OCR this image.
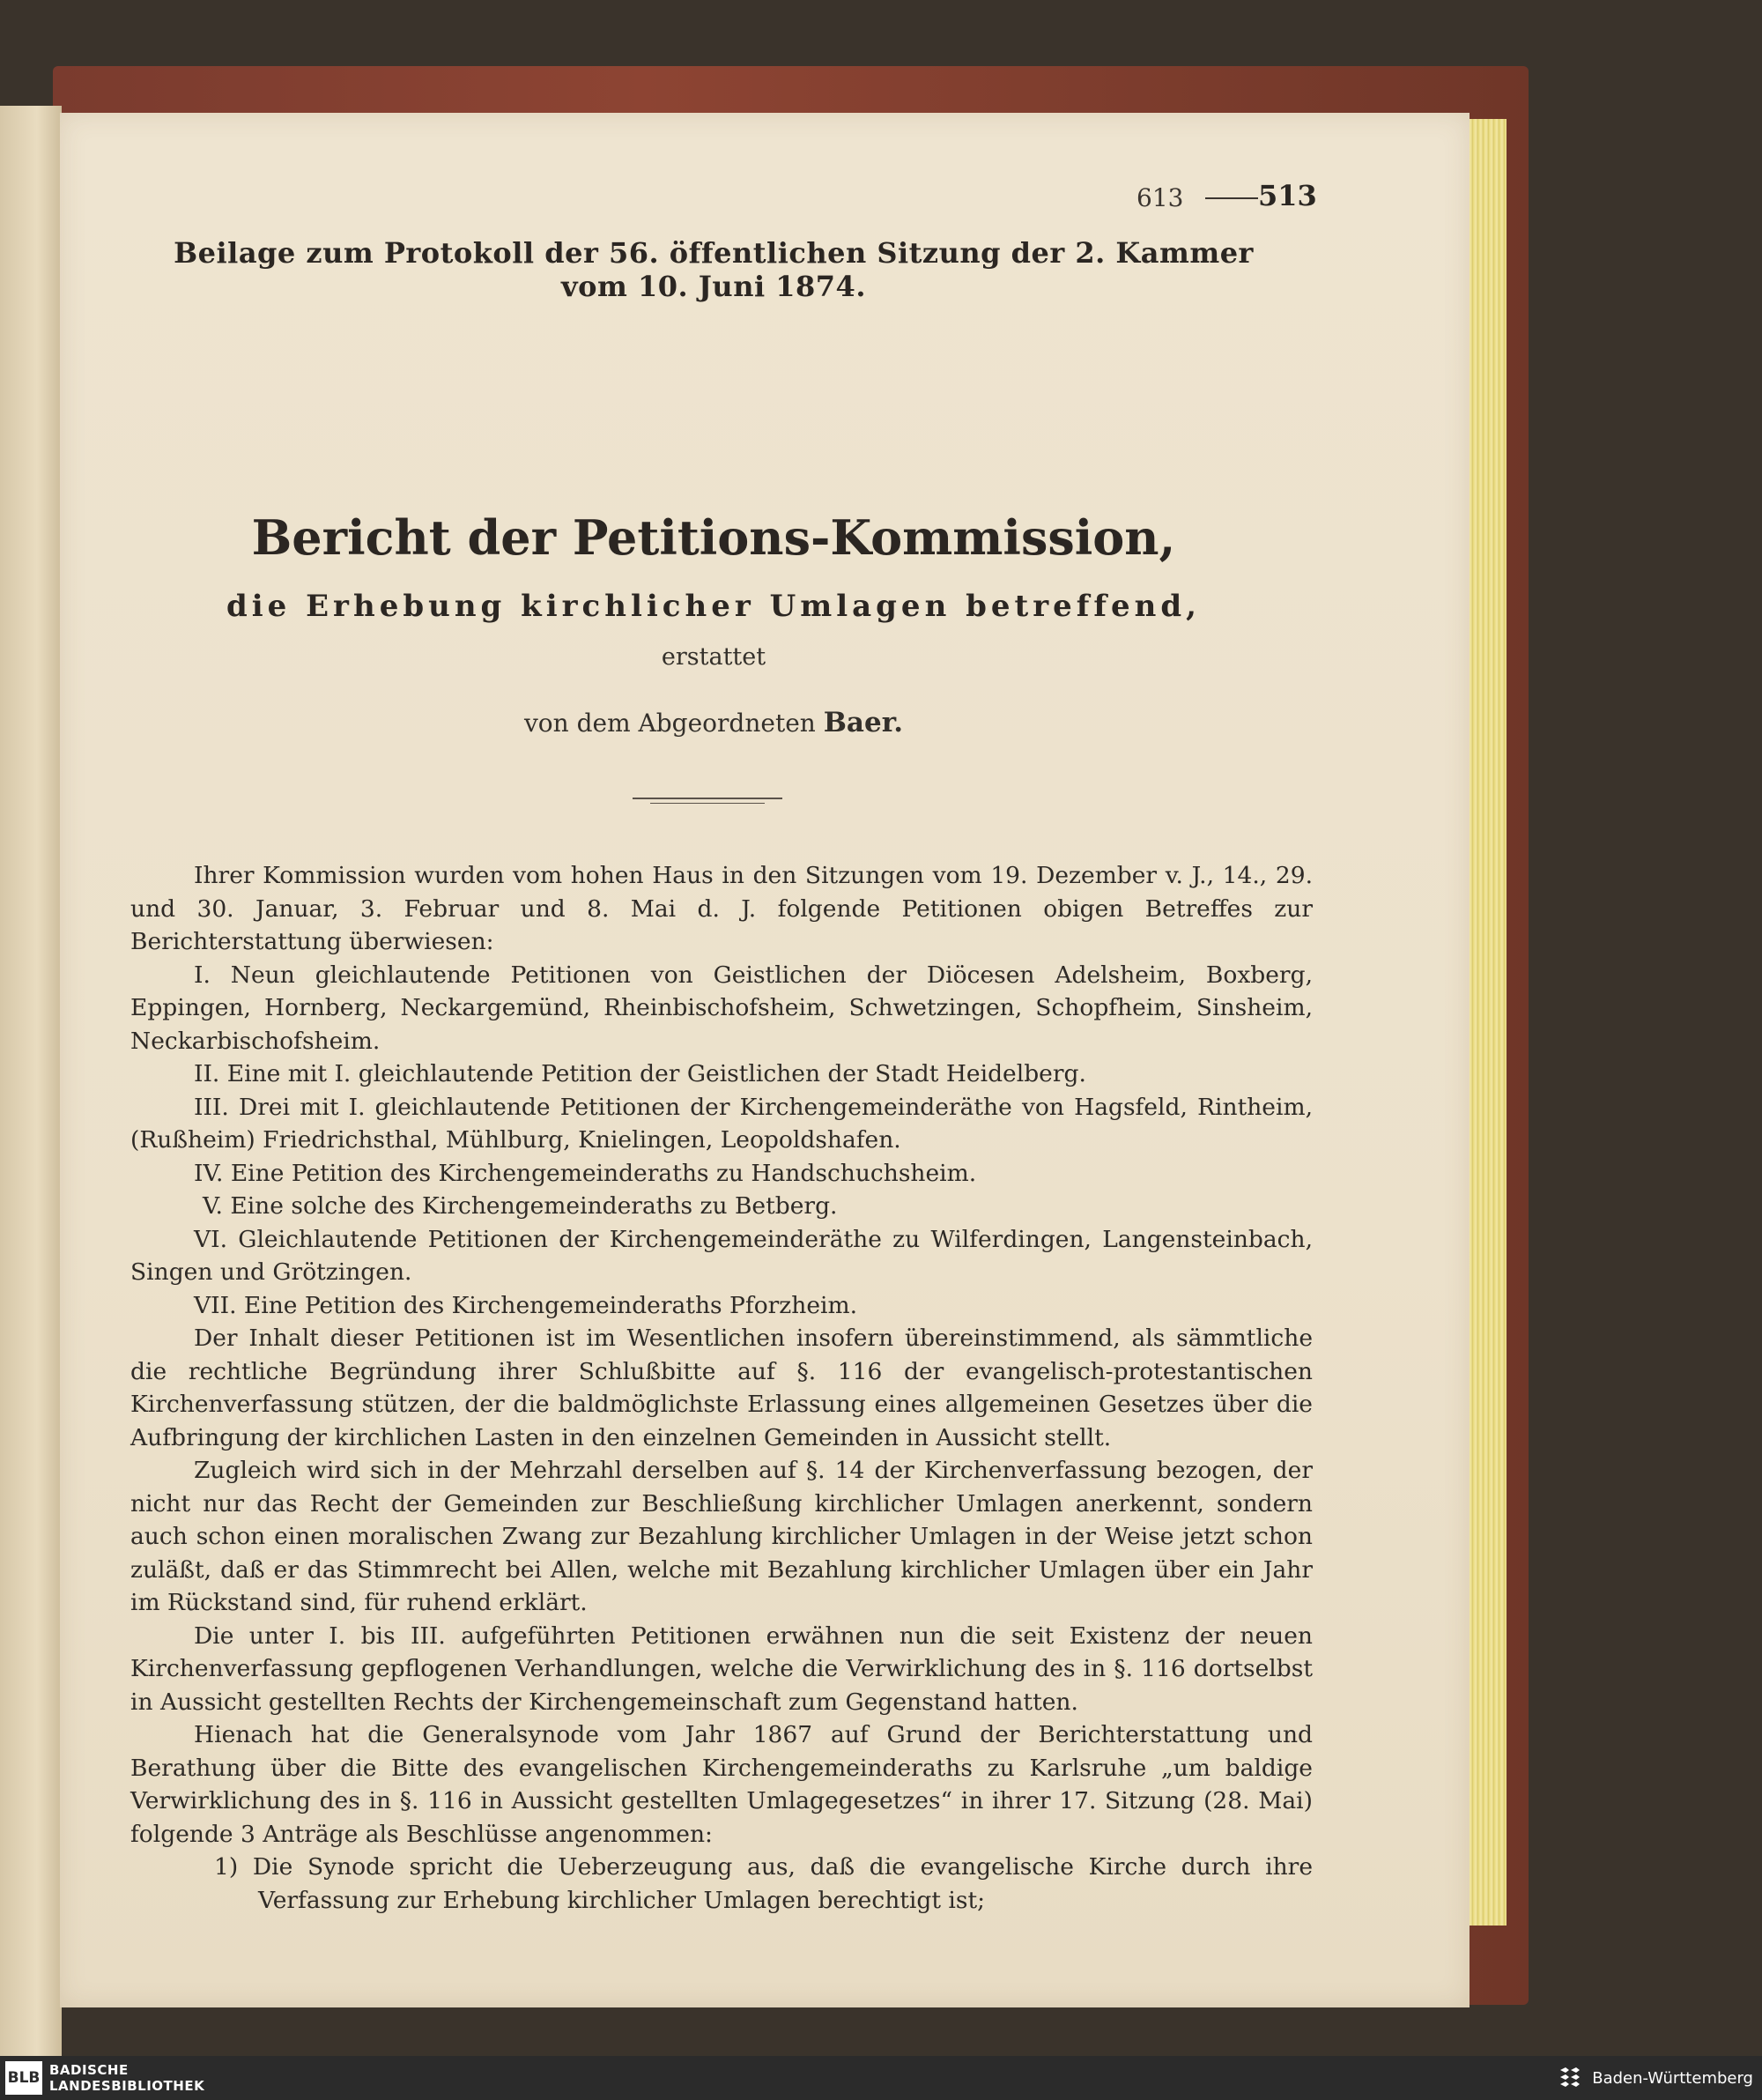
613	513
Beilage zum Protokoll der 56. öffentlichen Sitzung der 2. Kammer vom 10. Juni 1874.
Bericht der Petitions-Kommission,
die Erhebung kirchlicher Umlagen betreffend,
erstattet
von dem Abgeordneten Baer.

Ihrer Kommission wurden vom hohen Haus in den Sitzungen vom 19. Dezember v. J., 14., 29. und 30. Januar, 3. Februar und 8. Mai d. J. folgende Petitionen obigen Betreffes zur Berichterstattung überwiesen:

I. Neun gleichlautende Petitionen von Geistlichen der Diöcesen Adelsheim, Boxberg, Eppingen, Hornberg, Neckargemünd, Rheinbischofsheim, Schwetzingen, Schopfheim, Sinsheim, Neckarbischofsheim.

II. Eine mit I. gleichlautende Petition der Geistlichen der Stadt Heidelberg.

III. Drei mit I. gleichlautende Petitionen der Kirchengemeinderäthe von Hagsfeld, Rintheim, (Rußheim) Friedrichsthal, Mühlburg, Knielingen, Leopoldshafen.

IV. Eine Petition des Kirchengemeinderaths zu Handschuchsheim.

V. Eine solche des Kirchengemeinderaths zu Betberg.

VI. Gleichlautende Petitionen der Kirchengemeinderäthe zu Wilferdingen, Langensteinbach, Singen und Grötzingen.

VII. Eine Petition des Kirchengemeinderaths Pforzheim.

Der Inhalt dieser Petitionen ist im Wesentlichen insofern übereinstimmend, als sämmtliche die rechtliche Begründung ihrer Schlußbitte auf §. 116 der evangelisch-protestantischen Kirchenverfassung stützen, der die baldmöglichste Erlassung eines allgemeinen Gesetzes über die Aufbringung der kirchlichen Lasten in den einzelnen Gemeinden in Aussicht stellt.

Zugleich wird sich in der Mehrzahl derselben auf §. 14 der Kirchenverfassung bezogen, der nicht nur das Recht der Gemeinden zur Beschließung kirchlicher Umlagen anerkennt, sondern auch schon einen moralischen Zwang zur Bezahlung kirchlicher Umlagen in der Weise jetzt schon zuläßt, daß er das Stimmrecht bei Allen, welche mit Bezahlung kirchlicher Umlagen über ein Jahr im Rückstand sind, für ruhend erklärt.

Die unter I. bis III. aufgeführten Petitionen erwähnen nun die seit Existenz der neuen Kirchenverfassung gepflogenen Verhandlungen, welche die Verwirklichung des in §. 116 dortselbst in Aussicht gestellten Rechts der Kirchengemeinschaft zum Gegenstand hatten.

Hienach hat die Generalsynode vom Jahr 1867 auf Grund der Berichterstattung und Berathung über die Bitte des evangelischen Kirchengemeinderaths zu Karlsruhe „um baldige Verwirklichung des in §. 116 in Aussicht gestellten Umlagegesetzes“ in ihrer 17. Sitzung (28. Mai) folgende 3 Anträge als Beschlüsse angenommen:

1) Die Synode spricht die Ueberzeugung aus, daß die evangelische Kirche durch ihre Verfassung zur Erhebung kirchlicher Umlagen berechtigt ist;

BLB BADISCHE
LANDESBIBLIOTHEK	Baden-Württemberg
